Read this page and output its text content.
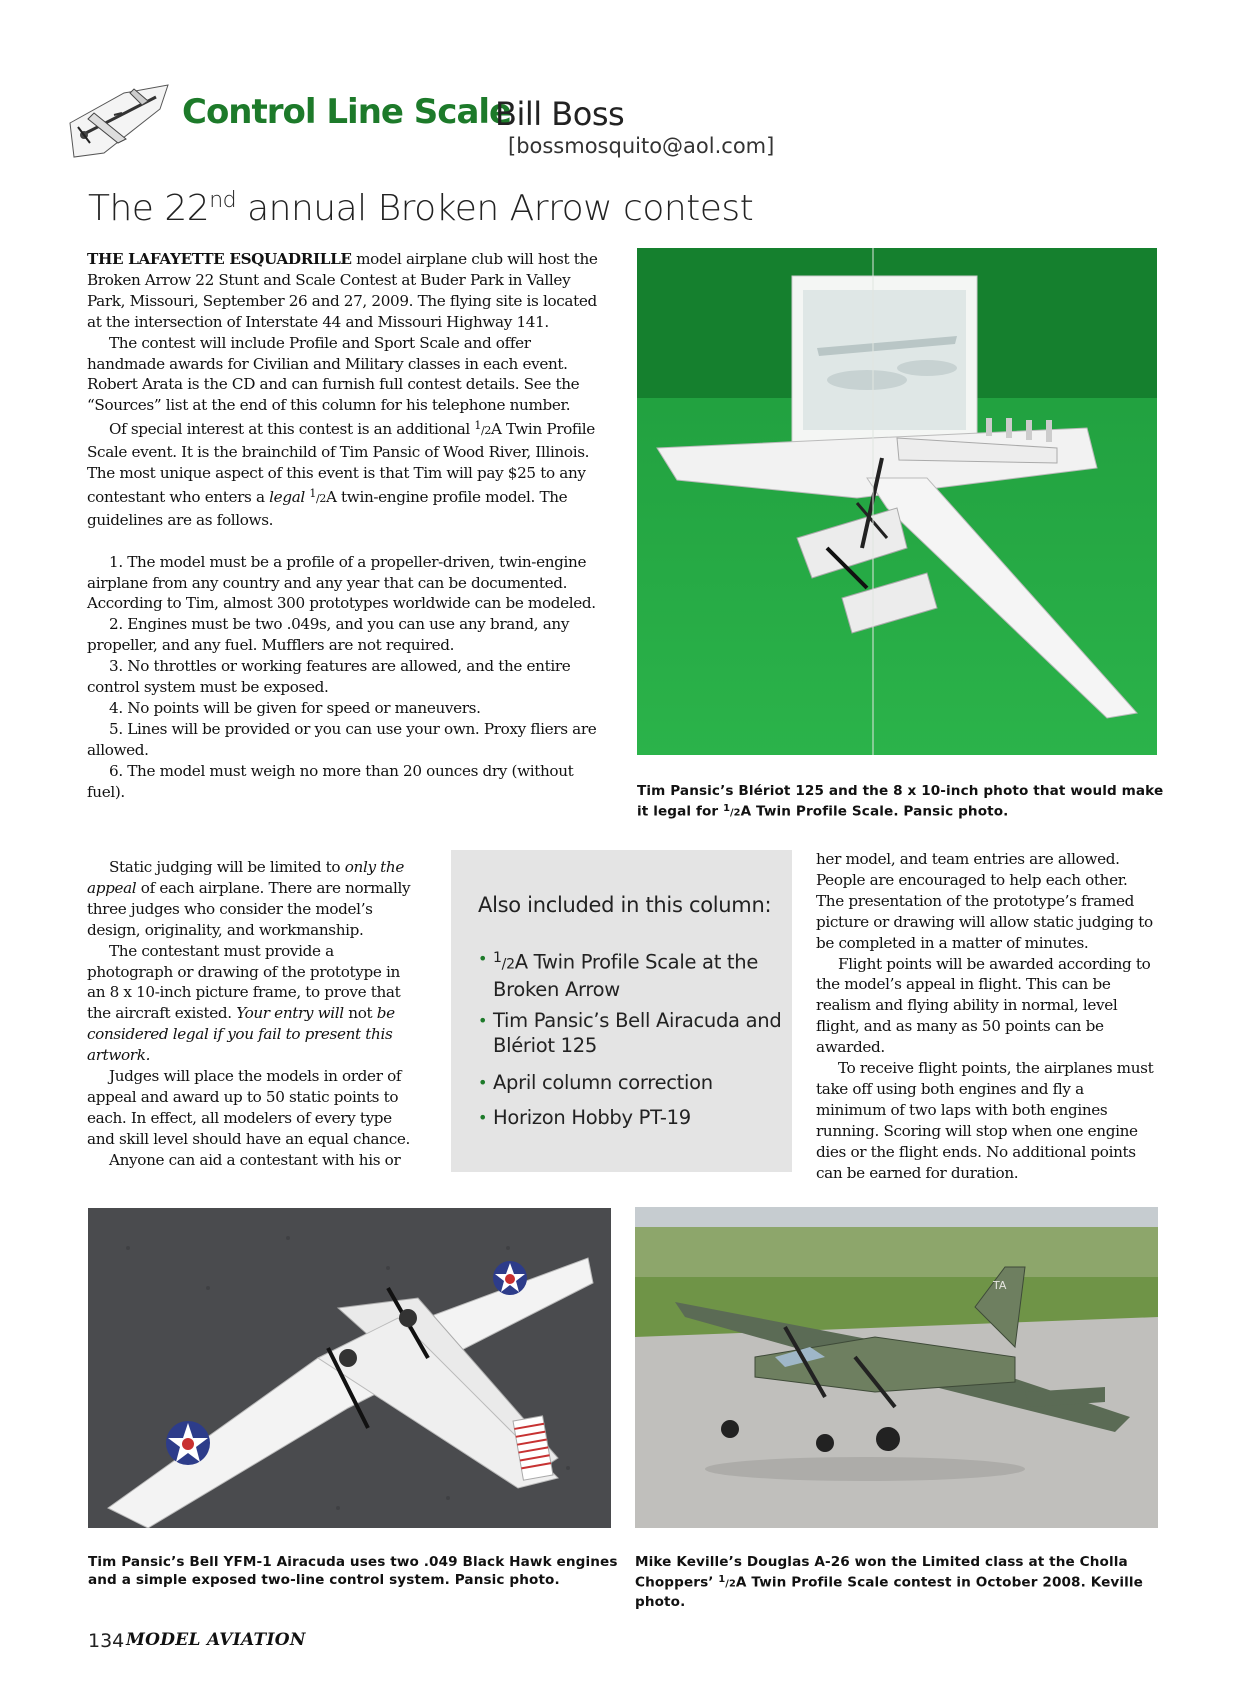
Control Line Scale
Bill Boss
[bossmosquito@aol.com]
The 22nd annual Broken Arrow contest

THE LAFAYETTE ESQUADRILLE model airplane club will host the Broken Arrow 22 Stunt and Scale Contest at Buder Park in Valley Park, Missouri, September 26 and 27, 2009. The flying site is located at the intersection of Interstate 44 and Missouri Highway 141.

The contest will include Profile and Sport Scale and offer handmade awards for Civilian and Military classes in each event. Robert Arata is the CD and can furnish full contest details. See the “Sources” list at the end of this column for his telephone number.

Of special interest at this contest is an additional $^1$/2A Twin Profile Scale event. It is the brainchild of Tim Pansic of Wood River, Illinois. The most unique aspect of this event is that Tim will pay $25 to any contestant who enters a legal $^1$/2A twin-engine profile model. The guidelines are as follows.

1. The model must be a profile of a propeller-driven, twin-engine airplane from any country and any year that can be documented. According to Tim, almost 300 prototypes worldwide can be modeled.

2. Engines must be two .049s, and you can use any brand, any propeller, and any fuel. Mufflers are not required.

3. No throttles or working features are allowed, and the entire control system must be exposed.

4. No points will be given for speed or maneuvers.

5. Lines will be provided or you can use your own. Proxy fliers are allowed.

6. The model must weigh no more than 20 ounces dry (without fuel).

Static judging will be limited to only the appeal of each airplane. There are normally three judges who consider the model’s design, originality, and workmanship.

The contestant must provide a photograph or drawing of the prototype in an 8 x 10-inch picture frame, to prove that the aircraft existed. Your entry will not be considered legal if you fail to present this artwork.

Judges will place the models in order of appeal and award up to 50 static points to each. In effect, all modelers of every type and skill level should have an equal chance.

Anyone can aid a contestant with his or

Also included in this column:
• $^1$/2A Twin Profile Scale at the Broken Arrow
• Tim Pansic’s Bell Airacuda and Blériot 125
• April column correction
• Horizon Hobby PT-19

her model, and team entries are allowed. People are encouraged to help each other. The presentation of the prototype’s framed picture or drawing will allow static judging to be completed in a matter of minutes.

Flight points will be awarded according to the model’s appeal in flight. This can be realism and flying ability in normal, level flight, and as many as 50 points can be awarded.

To receive flight points, the airplanes must take off using both engines and fly a minimum of two laps with both engines running. Scoring will stop when one engine dies or the flight ends. No additional points can be earned for duration.

Tim Pansic’s Blériot 125 and the 8 x 10-inch photo that would make it legal for $^1$/2A Twin Profile Scale. Pansic photo.
Tim Pansic’s Bell YFM-1 Airacuda uses two .049 Black Hawk engines and a simple exposed two-line control system. Pansic photo.
TA
Mike Keville’s Douglas A-26 won the Limited class at the Cholla Choppers’ $^1$/2A Twin Profile Scale contest in October 2008. Keville photo.
134 MODEL AVIATION
